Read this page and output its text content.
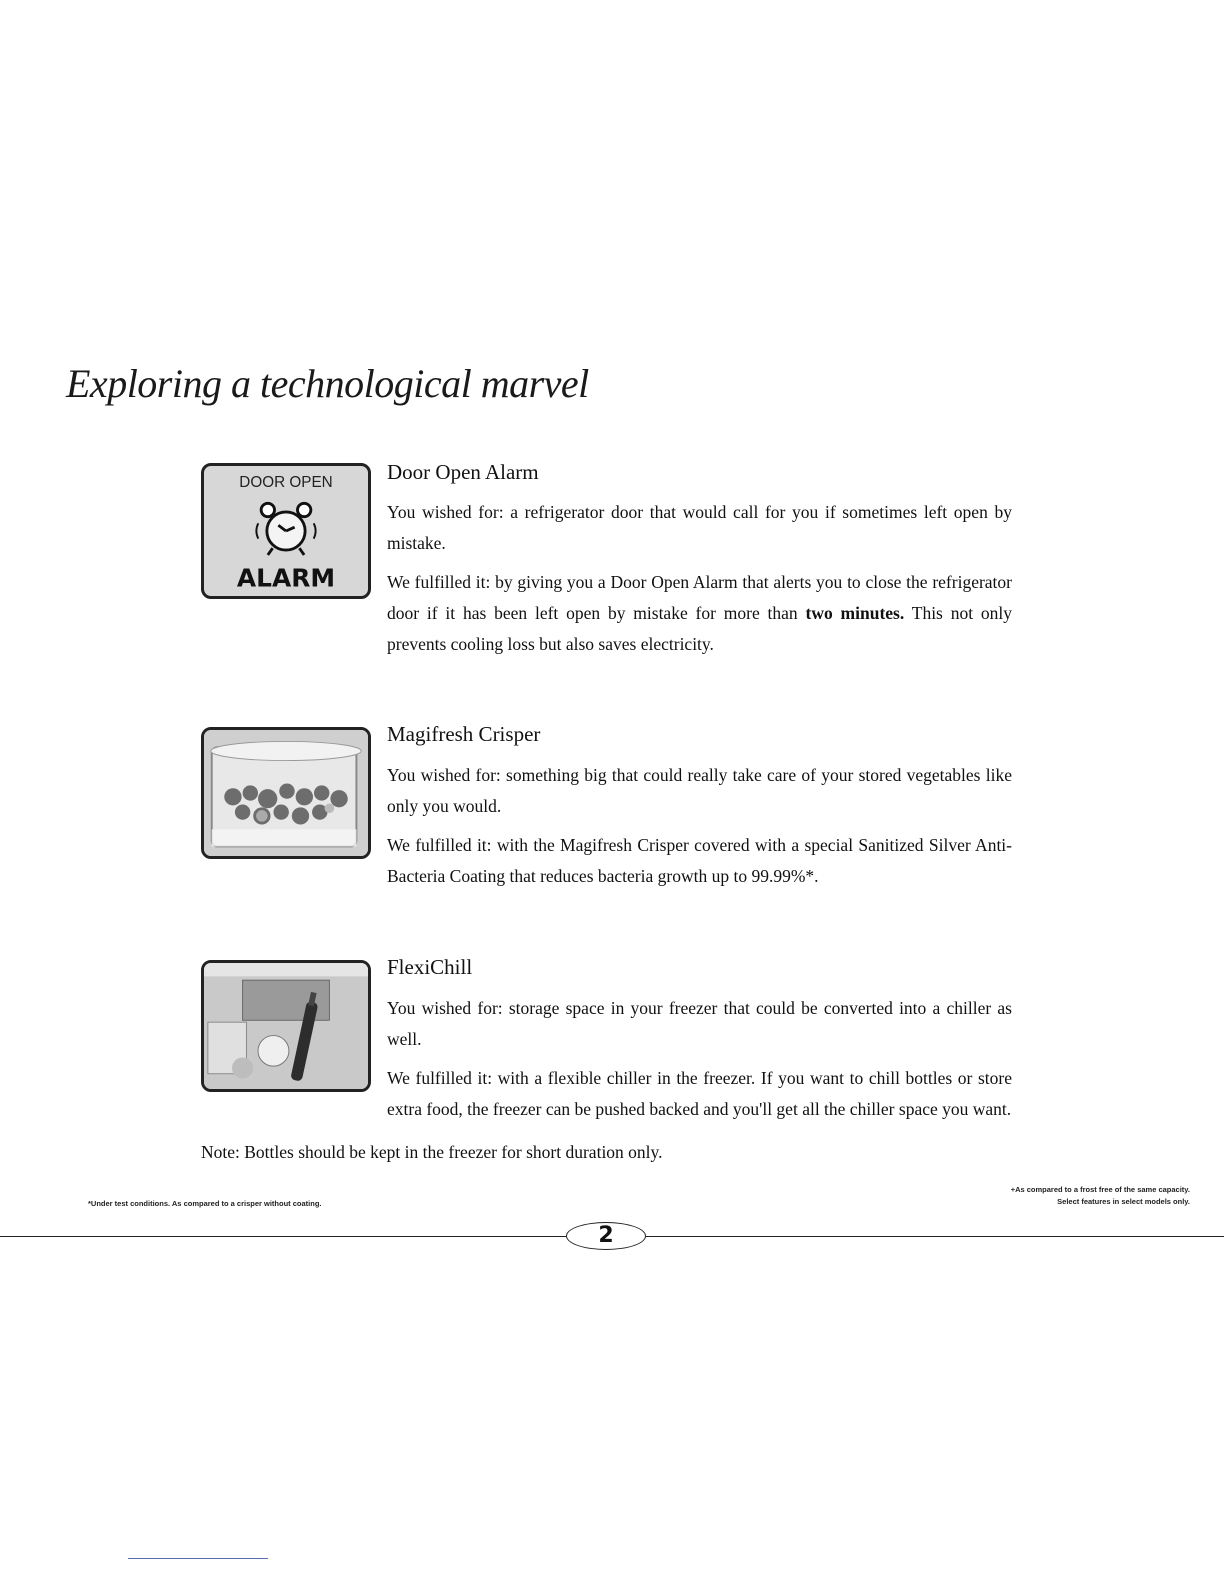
Exploring a technological marvel
DOOR OPEN
ALARM
Door Open Alarm

You wished for: a refrigerator door that would call for you if sometimes left open by mistake.

We fulfilled it: by giving you a Door Open Alarm that alerts you to close the refrigerator door if it has been left open by mistake for more than two minutes. This not only prevents cooling loss but also saves electricity.

Magifresh Crisper

You wished for: something big that could really take care of your stored vegetables like only you would.

We fulfilled it: with the Magifresh Crisper covered with a special Sanitized Silver Anti-Bacteria Coating that reduces bacteria growth up to 99.99%*.

FlexiChill

You wished for: storage space in your freezer that could be converted into a chiller as well.

We fulfilled it: with a flexible chiller in the freezer. If you want to chill bottles or store extra food, the freezer can be pushed backed and you'll get all the chiller space you want.

Note: Bottles should be kept in the freezer for short duration only.

*Under test conditions. As compared to a crisper without coating.
+As compared to a frost free of the same capacity.
Select features in select models only.
2
